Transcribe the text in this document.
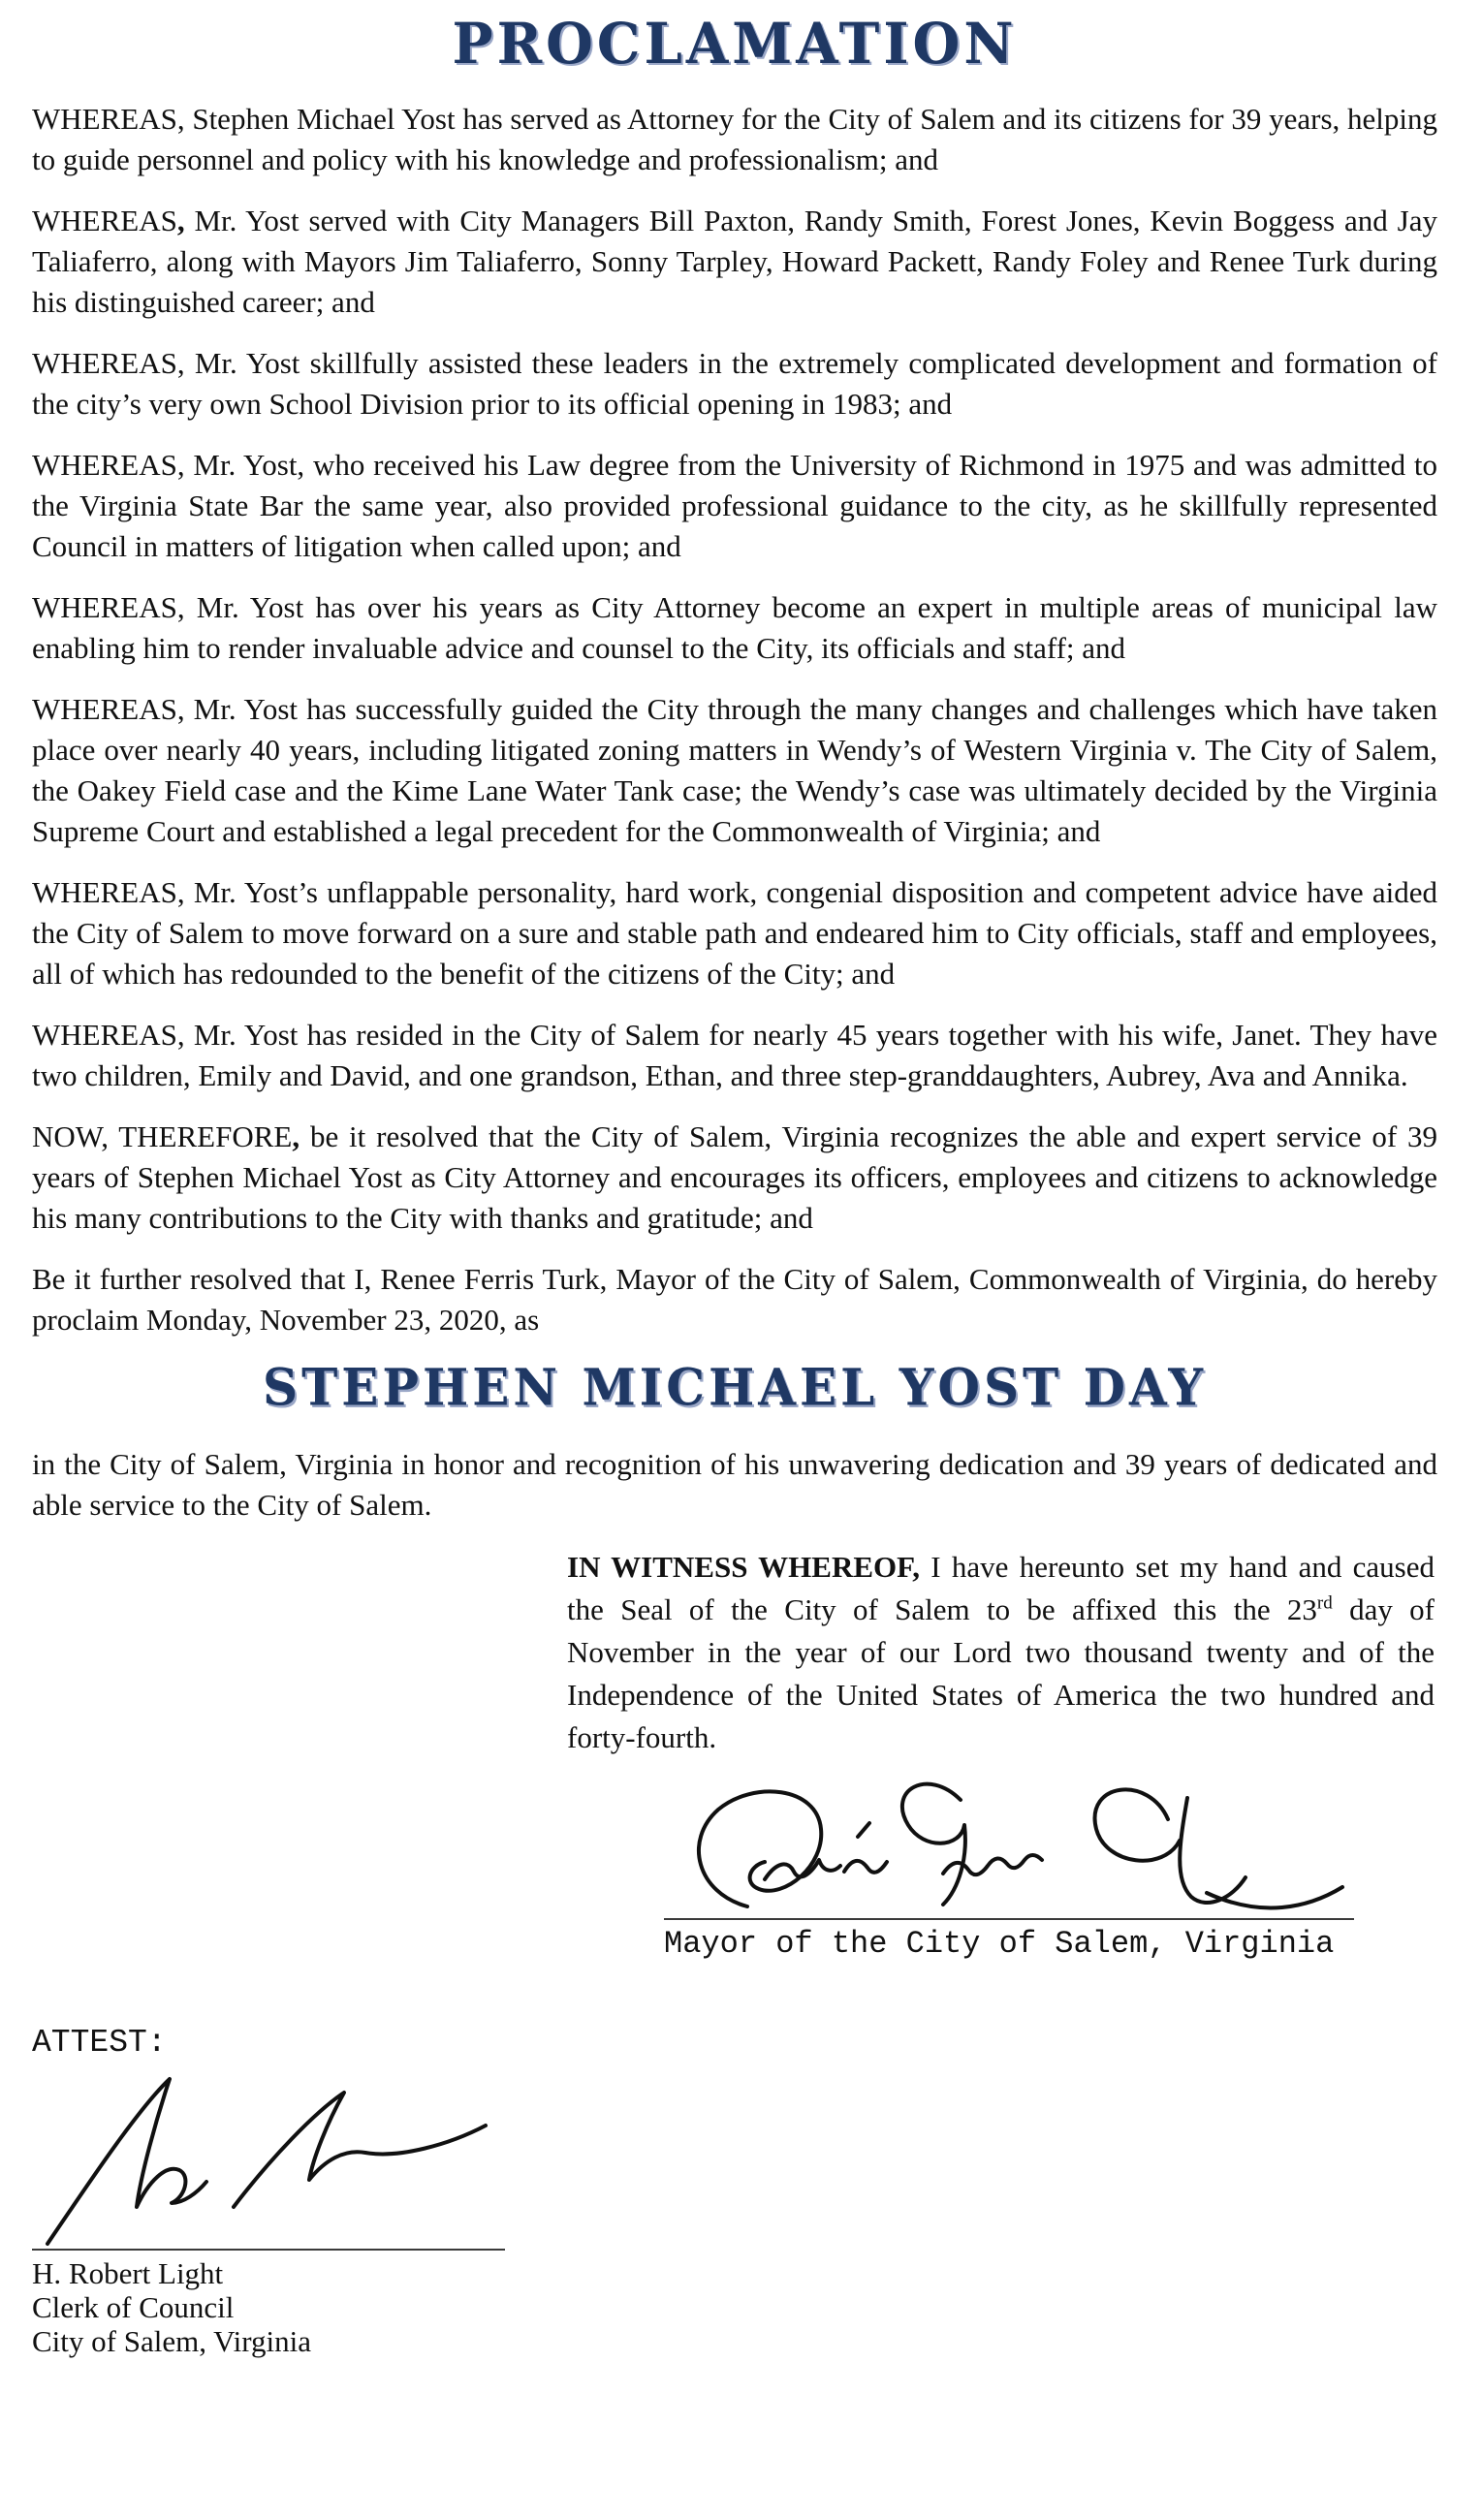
PROCLAMATION

WHEREAS, Stephen Michael Yost has served as Attorney for the City of Salem and its citizens for 39 years, helping to guide personnel and policy with his knowledge and professionalism; and

WHEREAS, Mr. Yost served with City Managers Bill Paxton, Randy Smith, Forest Jones, Kevin Boggess and Jay Taliaferro, along with Mayors Jim Taliaferro, Sonny Tarpley, Howard Packett, Randy Foley and Renee Turk during his distinguished career; and

WHEREAS, Mr. Yost skillfully assisted these leaders in the extremely complicated development and formation of the city’s very own School Division prior to its official opening in 1983; and

WHEREAS, Mr. Yost, who received his Law degree from the University of Richmond in 1975 and was admitted to the Virginia State Bar the same year, also provided professional guidance to the city, as he skillfully represented Council in matters of litigation when called upon; and

WHEREAS, Mr. Yost has over his years as City Attorney become an expert in multiple areas of municipal law enabling him to render invaluable advice and counsel to the City, its officials and staff; and

WHEREAS, Mr. Yost has successfully guided the City through the many changes and challenges which have taken place over nearly 40 years, including litigated zoning matters in Wendy’s of Western Virginia v. The City of Salem, the Oakey Field case and the Kime Lane Water Tank case; the Wendy’s case was ultimately decided by the Virginia Supreme Court and established a legal precedent for the Commonwealth of Virginia; and

WHEREAS, Mr. Yost’s unflappable personality, hard work, congenial disposition and competent advice have aided the City of Salem to move forward on a sure and stable path and endeared him to City officials, staff and employees, all of which has redounded to the benefit of the citizens of the City; and

WHEREAS, Mr. Yost has resided in the City of Salem for nearly 45 years together with his wife, Janet. They have two children, Emily and David, and one grandson, Ethan, and three step-granddaughters, Aubrey, Ava and Annika.

NOW, THEREFORE, be it resolved that the City of Salem, Virginia recognizes the able and expert service of 39 years of Stephen Michael Yost as City Attorney and encourages its officers, employees and citizens to acknowledge his many contributions to the City with thanks and gratitude; and

Be it further resolved that I, Renee Ferris Turk, Mayor of the City of Salem, Commonwealth of Virginia, do hereby proclaim Monday, November 23, 2020, as

STEPHEN MICHAEL YOST DAY

in the City of Salem, Virginia in honor and recognition of his unwavering dedication and 39 years of dedicated and able service to the City of Salem.

IN WITNESS WHEREOF, I have hereunto set my hand and caused the Seal of the City of Salem to be affixed this the 23rd day of November in the year of our Lord two thousand twenty and of the Independence of the United States of America the two hundred and forty-fourth.

Mayor of the City of Salem, Virginia
ATTEST:
H. Robert Light
Clerk of Council
City of Salem, Virginia
